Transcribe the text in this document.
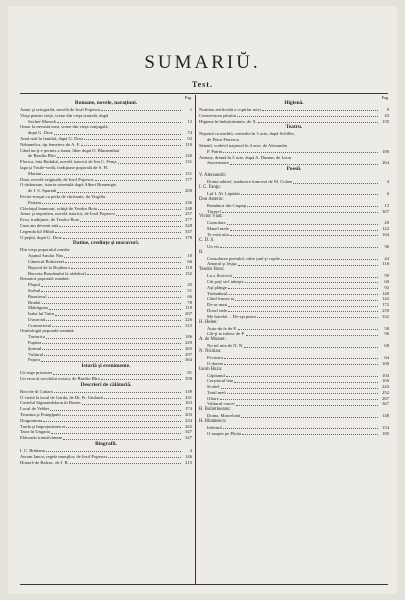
SUMARIŬ.
Test.
Pag.
Romane, novele, naraţiuni.
Amor şi ortografiă, novelă de Iosif Popescu	1
Vieţa pentru vieţă, scene din vieţa teatrală, după
Sacher-Masoch	12
Omor la nevastă mea, scene din vieţa conjugală,
după G. Droz	74
Anul noŭ în familiă, după G. Droz	92
Nebunešca, tip femeiesc de A. F.	110
Când nu-ţi e permis a fuma, liber după O. Blumenthal
de Basiliu Bîro	120
Florica, fata Baduluĭ, novelă istorică de Ion C. Fenţa	131
Iaga şi Vasile-vodă, tradiţiune poporală de S. Fl.
Marian	151
Dina, novelă originală, de Iosif Popescu	177
O răsbunare, istoria orientală după Albert Bonnergiu
de I. S. Spartali	200
Fecior-moşut cu perla de chrisoate, de Virgiliu
Patraru	236
Clăvărţul înamorat, schiţă de Teodor Bota	248
Amor şi nepotism, novelă istorică, de Iosif Popescu	257
Erva, tradiţiune, de Teodor Bota	277
Cum am devenit tată	328
Legenda luĭ Mihaĭ	337
O peţită, după G. Droz	378
Datine, credinţe şi moravuri.
Din vieţa poporuluĭ român:
Ajunul Anului Nou	10
Cântecul Bobotezei	66
Bujorul de la Bojdeuca	118
Bucuria Românului la sărbătorĭ	152
Botanică poporală română:
Plopul	45
Sorbul	51
Busuiocul	66
Bradul	78
Mătrăguna	119
Iarba luĭ Tatin	207
Usturoiul	226
Crasnaciorul	315
Ornitologiă poporală română:
Turturica	186
Pupăza	229
Şoimul	265
Vulturul	297
Pajura	364
Istoriă şi evenimente.
Un rege prizonier	81
Un erou al secolului nostru, de Basiliu Bîro	358
Descrieri de călătoriă.
Bocche di Cattaro	139
O vizită la lacul de Garda, de Dr. Fr. Umlauft	231
Castelul Sigmundskron în Bozen	163
Lacul de Veldes	174
Terasina şi Frangipani	203
Dragomirna	234
Turda şi împrejurimea ei	262
Tatra în Ungaria	347
Eldorado transilvănean	347
Biografii.
I. C. Brătianu	4
Avram Iancu, regele munţilor, de Iosif Popescu	146
Honoré de Balzac, de I. B.	215
Pag.
Higienă.
Nutrirea artificială a copiilor mici	9
Conservarea părului	43
Higiena în îmbrăcăminte, de X.	135
Teatru.
Nepotul ca unchiŭ, comedia în 3 acte, după Schiller,
de Petru Petrescu
Săteniĭ, vodevil naţional în 4 acte, de Alexandru
P. Patriu	180
Antony, dramă în 5 acte, după A. Dumas, de Leon
Jouvermace	264
Poesiĭ.
V. Alecsandri:
Doina iubireĭ, traducere francesă de M. Cohen	4
I. C. Fanţu:
Luĭ I. Al. Lăpădat	6
Don Asterio:
Românca din Carpaţi	12
Tăcere!	307
Victor Vlad:
Consolare	20
Maneĭ mele	122
Te voiŭ uita	164
C. D. S.
Un vis	36
B.
Consolarea poetuluĭ, către junĭ şi copile	44
Amorul şi feţişa	116
Teodor Bota:
La o floricică	59
Căt poţĭ să-ĭ iubeşte	60
Aşĭ plânge	92
Trubadurul	140
Când frunza ta	142
De-ar muri	172
Dorul stele	259
Me întrebă ... De-aşi putea	332
H. Heine:
Auto-da fe de P.	58
Cât-ţi te iubesc de P.	90
A. de Musset:
Nu mĭ uita de N. N.	68
N. Nicolau:
Fecioara	64
O dorere	100
Iacob Buzu:
Căpitanul	104
Cerşitorul bun	160
Scobel	243
Totul meŭ	252
Oftare	267
Vulturul crucei	367
B. Bolintineanu:
Doina, Marcelonă	148
H. Rhatnescu:
Infernul	154
O noapte pe Plotia	185
